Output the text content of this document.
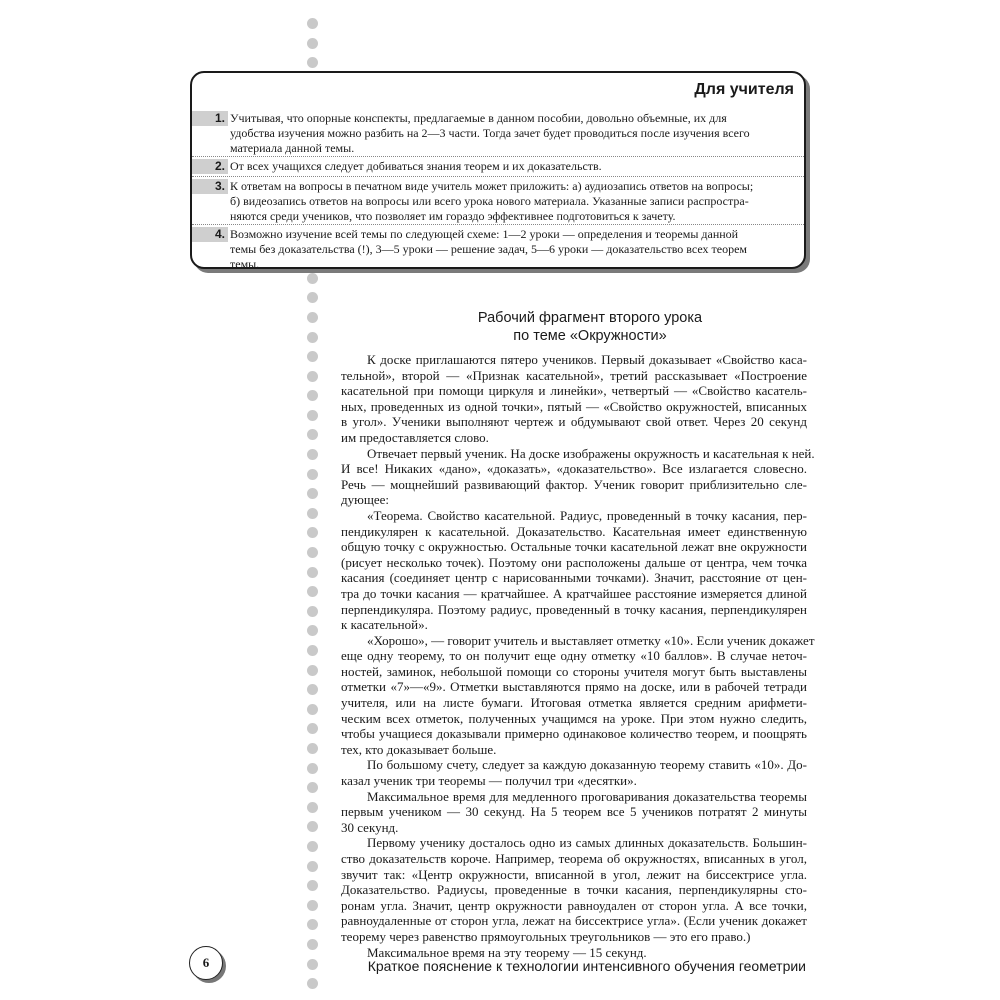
Для учителя
1. Учитывая, что опорные конспекты, предлагаемые в данном пособии, довольно объемные, их для
удобства изучения можно разбить на 2—3 части. Тогда зачет будет проводиться после изучения всего
материала данной темы.
2. От всех учащихся следует добиваться знания теорем и их доказательств.
3. К ответам на вопросы в печатном виде учитель может приложить: а) аудиозапись ответов на вопросы;
б) видеозапись ответов на вопросы или всего урока нового материала. Указанные записи распростра-
няются среди учеников, что позволяет им гораздо эффективнее подготовиться к зачету.
4. Возможно изучение всей темы по следующей схеме: 1—2 уроки — определения и теоремы данной
темы без доказательства (!), 3—5 уроки — решение задач, 5—6 уроки — доказательство всех теорем
темы.
Рабочий фрагмент второго урока
по теме «Окружности»
К доске приглашаются пятеро учеников. Первый доказывает «Свойство каса-
тельной», второй — «Признак касательной», третий рассказывает «Построение
касательной при помощи циркуля и линейки», четвертый — «Свойство касатель-
ных, проведенных из одной точки», пятый — «Свойство окружностей, вписанных
в угол». Ученики выполняют чертеж и обдумывают свой ответ. Через 20 секунд
им предоставляется слово.
Отвечает первый ученик. На доске изображены окружность и касательная к ней.
И все! Никаких «дано», «доказать», «доказательство». Все излагается словесно.
Речь — мощнейший развивающий фактор. Ученик говорит приблизительно сле-
дующее:
«Теорема. Свойство касательной. Радиус, проведенный в точку касания, пер-
пендикулярен к касательной. Доказательство. Касательная имеет единственную
общую точку с окружностью. Остальные точки касательной лежат вне окружности
(рисует несколько точек). Поэтому они расположены дальше от центра, чем точка
касания (соединяет центр с нарисованными точками). Значит, расстояние от цен-
тра до точки касания — кратчайшее. А кратчайшее расстояние измеряется длиной
перпендикуляра. Поэтому радиус, проведенный в точку касания, перпендикулярен
к касательной».
«Хорошо», — говорит учитель и выставляет отметку «10». Если ученик докажет
еще одну теорему, то он получит еще одну отметку «10 баллов». В случае неточ-
ностей, заминок, небольшой помощи со стороны учителя могут быть выставлены
отметки «7»—«9». Отметки выставляются прямо на доске, или в рабочей тетради
учителя, или на листе бумаги. Итоговая отметка является средним арифмети-
ческим всех отметок, полученных учащимся на уроке. При этом нужно следить,
чтобы учащиеся доказывали примерно одинаковое количество теорем, и поощрять
тех, кто доказывает больше.
По большому счету, следует за каждую доказанную теорему ставить «10». До-
казал ученик три теоремы — получил три «десятки».
Максимальное время для медленного проговаривания доказательства теоремы
первым учеником — 30 секунд. На 5 теорем все 5 учеников потратят 2 минуты
30 секунд.
Первому ученику досталось одно из самых длинных доказательств. Большин-
ство доказательств короче. Например, теорема об окружностях, вписанных в угол,
звучит так: «Центр окружности, вписанной в угол, лежит на биссектрисе угла.
Доказательство. Радиусы, проведенные в точки касания, перпендикулярны сто-
ронам угла. Значит, центр окружности равноудален от сторон угла. А все точки,
равноудаленные от сторон угла, лежат на биссектрисе угла». (Если ученик докажет
теорему через равенство прямоугольных треугольников — это его право.)
Максимальное время на эту теорему — 15 секунд.
6	Краткое пояснение к технологии интенсивного обучения геометрии
